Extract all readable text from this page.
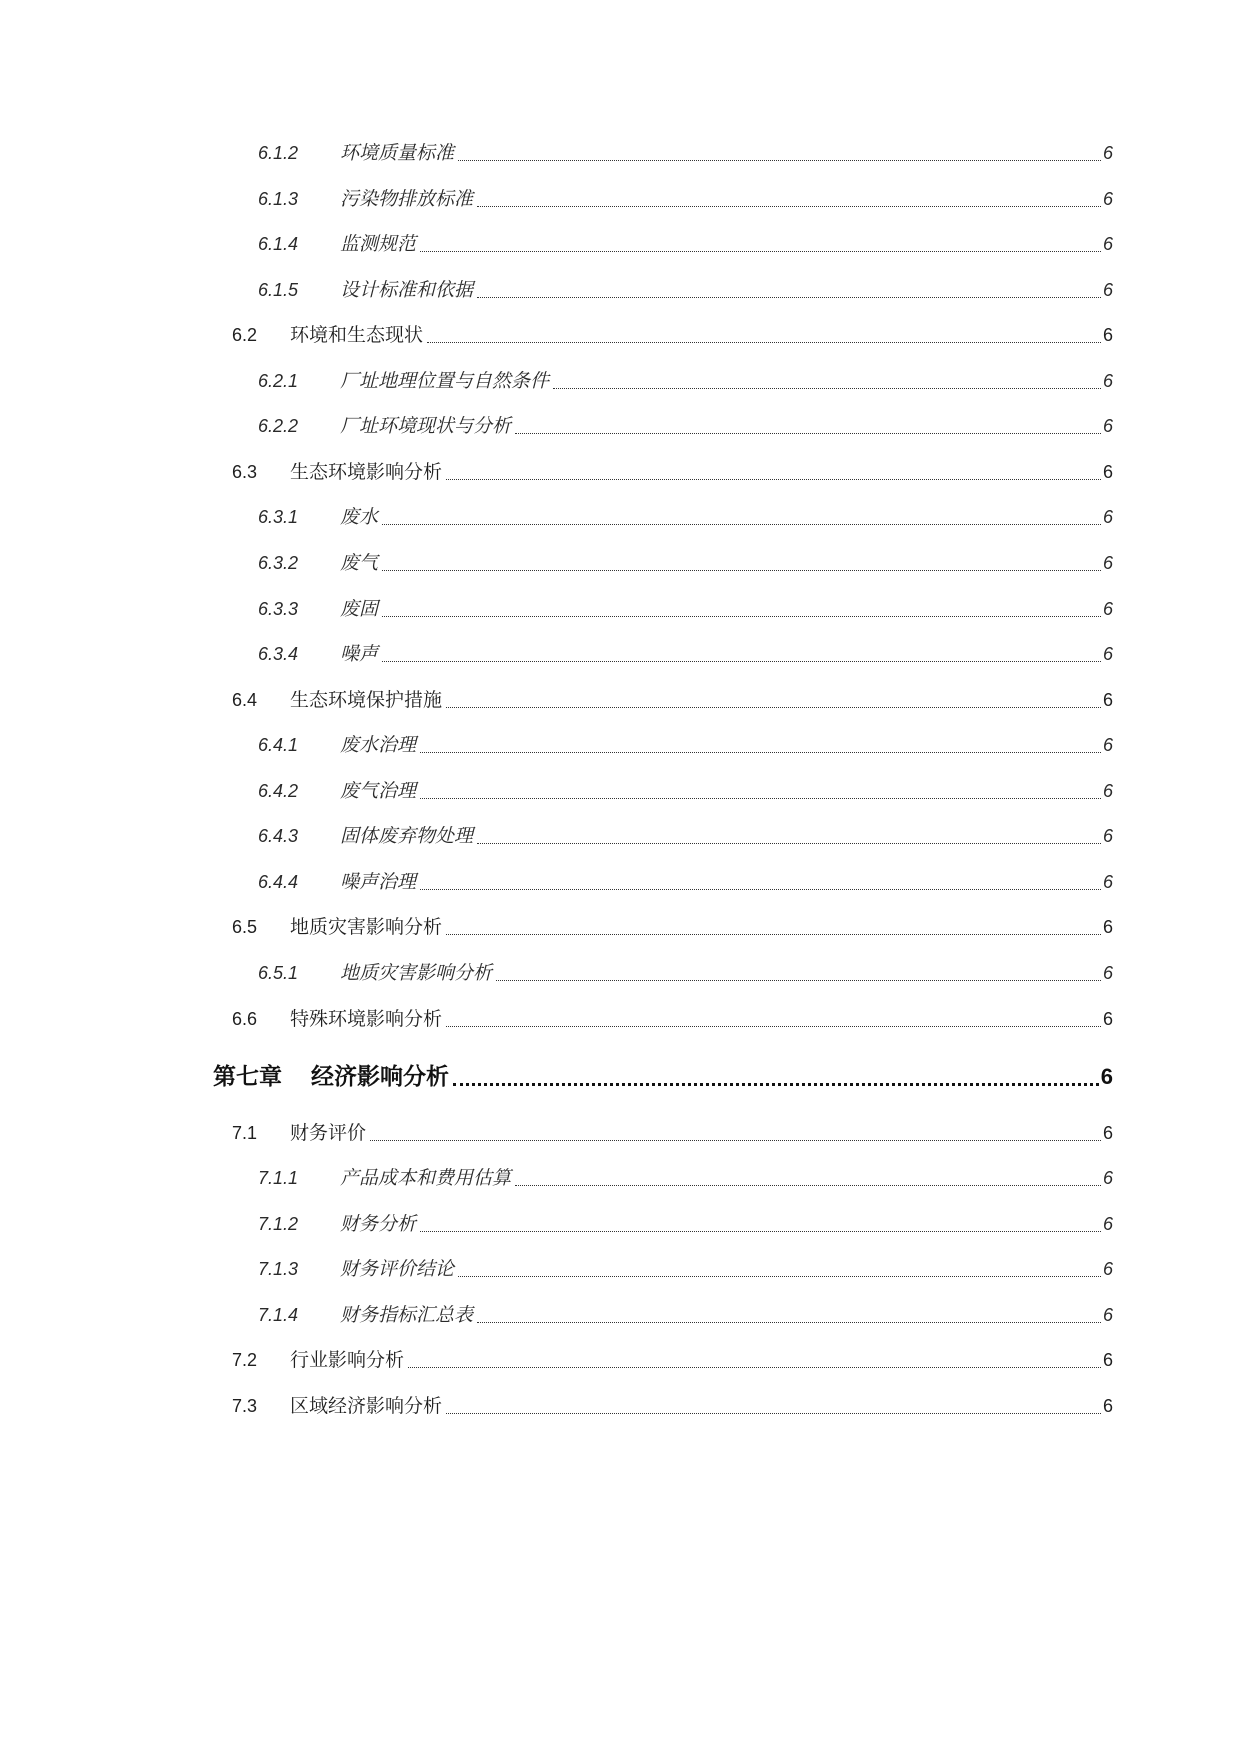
6.1.2	环境质量标准	6
6.1.3	污染物排放标准	6
6.1.4	监测规范	6
6.1.5	设计标准和依据	6
6.2	环境和生态现状	6
6.2.1	厂址地理位置与自然条件	6
6.2.2	厂址环境现状与分析	6
6.3	生态环境影响分析	6
6.3.1	废水	6
6.3.2	废气	6
6.3.3	废固	6
6.3.4	噪声	6
6.4	生态环境保护措施	6
6.4.1	废水治理	6
6.4.2	废气治理	6
6.4.3	固体废弃物处理	6
6.4.4	噪声治理	6
6.5	地质灾害影响分析	6
6.5.1	地质灾害影响分析	6
6.6	特殊环境影响分析	6
第七章	经济影响分析	6
7.1	财务评价	6
7.1.1	产品成本和费用估算	6
7.1.2	财务分析	6
7.1.3	财务评价结论	6
7.1.4	财务指标汇总表	6
7.2	行业影响分析	6
7.3	区域经济影响分析	6
